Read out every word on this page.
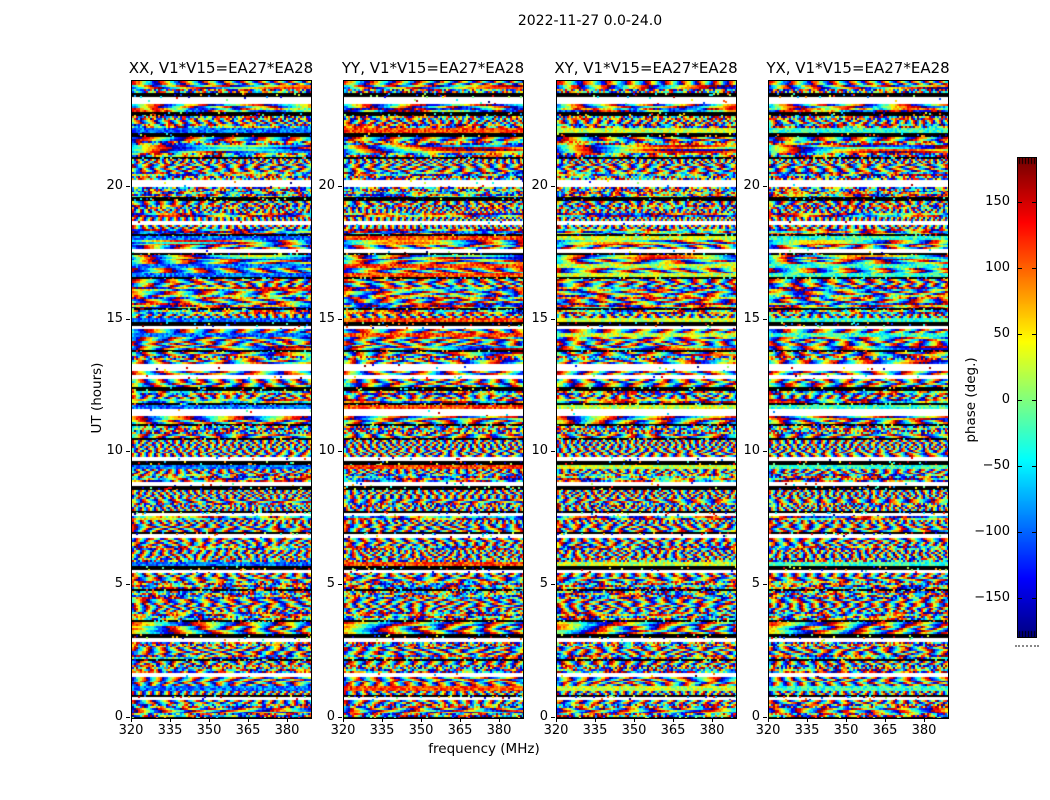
2022-11-27 0.0-24.0
UT (hours)
frequency (MHz)
XX, V1*V15=EA27*EA28
0
5
10
15
20
320	335	350	365	380
YY, V1*V15=EA27*EA28
0
5
10
15
20
320	335	350	365	380
XY, V1*V15=EA27*EA28
0
5
10
15
20
320	335	350	365	380
YX, V1*V15=EA27*EA28
0
5
10
15
20
320	335	350	365	380
phase (deg.)
150
100
50
0
−50
−100
−150
